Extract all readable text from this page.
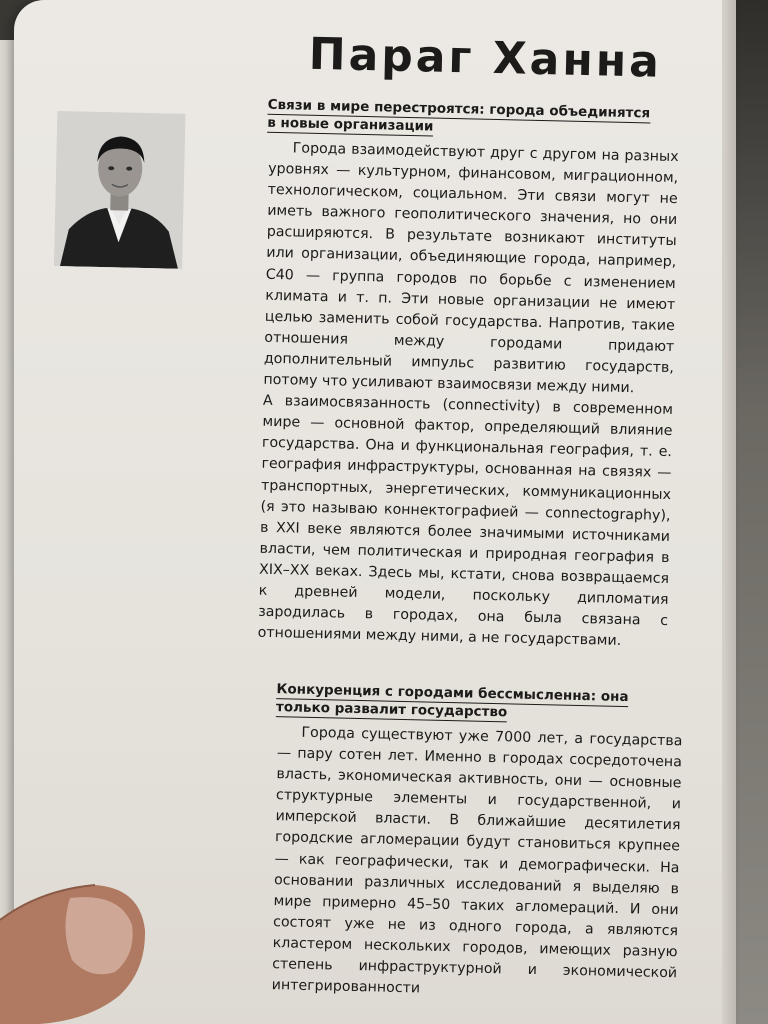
Параг Ханна
Связи в мире перестроятся: города объединятся в новые организации

Города взаимодействуют друг с другом на разных уровнях — культурном, финансовом, миграционном, технологическом, социальном. Эти связи могут не иметь важного геополитического значения, но они расширяются. В результате возникают институты или организации, объединяющие города, например, C40 — группа городов по борьбе с изменением климата и т. п. Эти новые организации не имеют целью заменить собой государства. Напротив, такие отношения между городами придают дополнительный импульс развитию государств, потому что усиливают взаимосвязи между ними.

А взаимосвязанность (connectivity) в современном мире — основной фактор, определяющий влияние государства. Она и функциональная география, т. е. география инфраструктуры, основанная на связях — транспортных, энергетических, коммуникационных (я это называю коннектографией — connectography), в XXI веке являются более значимыми источниками власти, чем политическая и природная география в XIX–XX веках. Здесь мы, кстати, снова возвращаемся к древней модели, поскольку дипломатия зародилась в городах, она была связана с отношениями между ними, а не государствами.

Конкуренция с городами бессмысленна: она только развалит государство

Города существуют уже 7000 лет, а государства — пару сотен лет. Именно в городах сосредоточена власть, экономическая активность, они — основные структурные элементы и государственной, и имперской власти. В ближайшие десятилетия городские агломерации будут становиться крупнее — как географически, так и демографически. На основании различных исследований я выделяю в мире примерно 45–50 таких агломераций. И они состоят уже не из одного города, а являются кластером нескольких городов, имеющих разную степень инфраструктурной и экономической интегрированности
